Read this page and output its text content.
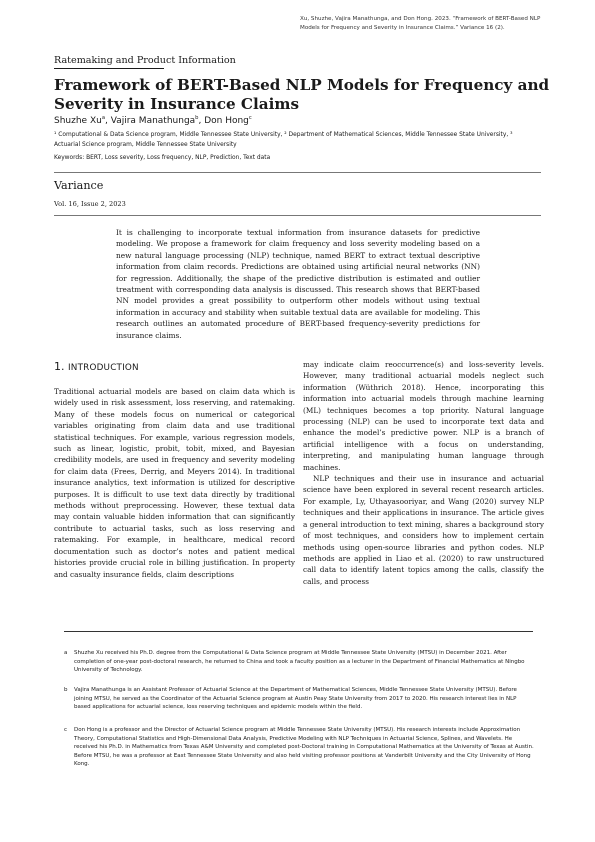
Xu, Shuzhe, Vajira Manathunga, and Don Hong. 2023. “Framework of BERT-Based NLP Models for Frequency and Severity in Insurance Claims.” Variance 16 (2).
Ratemaking and Product Information
Framework of BERT-Based NLP Models for Frequency and Severity in Insurance Claims
Shuzhe Xu$^a$, Vajira Manathunga$^b$, Don Hong$^c$
¹ Computational & Data Science program, Middle Tennessee State University, ² Department of Mathematical Sciences, Middle Tennessee State University, ³ Actuarial Science program, Middle Tennessee State University
Keywords: BERT, Loss severity, Loss frequency, NLP, Prediction, Text data
Variance
Vol. 16, Issue 2, 2023
It is challenging to incorporate textual information from insurance datasets for predictive modeling. We propose a framework for claim frequency and loss severity modeling based on a new natural language processing (NLP) technique, named BERT to extract textual descriptive information from claim records. Predictions are obtained using artificial neural networks (NN) for regression. Additionally, the shape of the predictive distribution is estimated and outlier treatment with corresponding data analysis is discussed. This research shows that BERT-based NN model provides a great possibility to outperform other models without using textual information in accuracy and stability when suitable textual data are available for modeling. This research outlines an automated procedure of BERT-based frequency-severity predictions for insurance claims.
1. INTRODUCTION

Traditional actuarial models are based on claim data which is widely used in risk assessment, loss reserving, and ratemaking. Many of these models focus on numerical or categorical variables originating from claim data and use traditional statistical techniques. For example, various regression models, such as linear, logistic, probit, tobit, mixed, and Bayesian credibility models, are used in frequency and severity modeling for claim data (Frees, Derrig, and Meyers 2014). In traditional insurance analytics, text information is utilized for descriptive purposes. It is difficult to use text data directly by traditional methods without preprocessing. However, these textual data may contain valuable hidden information that can significantly contribute to actuarial tasks, such as loss reserving and ratemaking. For example, in healthcare, medical record documentation such as doctor’s notes and patient medical histories provide crucial role in billing justification. In property and casualty insurance fields, claim descriptions

may indicate claim reoccurrence(s) and loss-severity levels. However, many traditional actuarial models neglect such information (Wüthrich 2018). Hence, incorporating this information into actuarial models through machine learning (ML) techniques becomes a top priority. Natural language processing (NLP) can be used to incorporate text data and enhance the model’s predictive power. NLP is a branch of artificial intelligence with a focus on understanding, interpreting, and manipulating human language through machines.

NLP techniques and their use in insurance and actuarial science have been explored in several recent research articles. For example, Ly, Uthayasooriyar, and Wang (2020) survey NLP techniques and their applications in insurance. The article gives a general introduction to text mining, shares a background story of most techniques, and considers how to implement certain methods using open-source libraries and python codes. NLP methods are applied in Liao et al. (2020) to raw unstructured call data to identify latent topics among the calls, classify the calls, and process

a Shuzhe Xu received his Ph.D. degree from the Computational & Data Science program at Middle Tennessee State University (MTSU) in December 2021. After completion of one-year post-doctoral research, he returned to China and took a faculty position as a lecturer in the Department of Financial Mathematics at Ningbo University of Technology.
b Vajira Manathunga is an Assistant Professor of Actuarial Science at the Department of Mathematical Sciences, Middle Tennessee State University (MTSU). Before joining MTSU, he served as the Coordinator of the Actuarial Science program at Austin Peay State University from 2017 to 2020. His research interest lies in NLP based applications for actuarial science, loss reserving techniques and epidemic models within the field.
c Don Hong is a professor and the Director of Actuarial Science program at Middle Tennessee State University (MTSU). His research interests include Approximation Theory, Computational Statistics and High-Dimensional Data Analysis, Predictive Modeling with NLP Techniques in Actuarial Science, Splines, and Wavelets. He received his Ph.D. in Mathematics from Texas A&M University and completed post-Doctoral training in Computational Mathematics at the University of Texas at Austin. Before MTSU, he was a professor at East Tennessee State University and also held visiting professor positions at Vanderbilt University and the City University of Hong Kong.
